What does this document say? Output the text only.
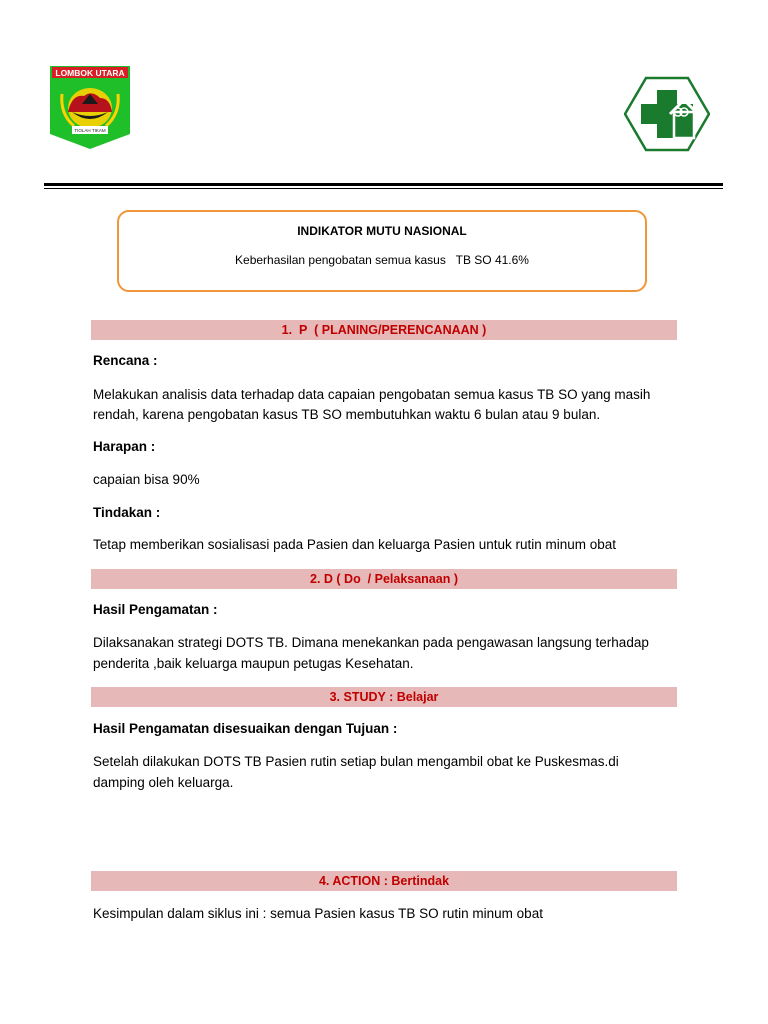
LOMBOK UTARA
TIOLAH TIKAM
INDIKATOR MUTU NASIONAL
Keberhasilan pengobatan semua kasus   TB SO 41.6%
1.  P  ( PLANING/PERENCANAAN )
Rencana :
Melakukan analisis data terhadap data capaian pengobatan semua kasus TB SO yang masih
rendah, karena pengobatan kasus TB SO membutuhkan waktu 6 bulan atau 9 bulan.
Harapan :
capaian bisa 90%
Tindakan :
Tetap memberikan sosialisasi pada Pasien dan keluarga Pasien untuk rutin minum obat
2. D ( Do  / Pelaksanaan )
Hasil Pengamatan :
Dilaksanakan strategi DOTS TB. Dimana menekankan pada pengawasan langsung terhadap
penderita ,baik keluarga maupun petugas Kesehatan.
3. STUDY : Belajar
Hasil Pengamatan disesuaikan dengan Tujuan :
Setelah dilakukan DOTS TB Pasien rutin setiap bulan mengambil obat ke Puskesmas.di
damping oleh keluarga.
4. ACTION : Bertindak
Kesimpulan dalam siklus ini : semua Pasien kasus TB SO rutin minum obat
